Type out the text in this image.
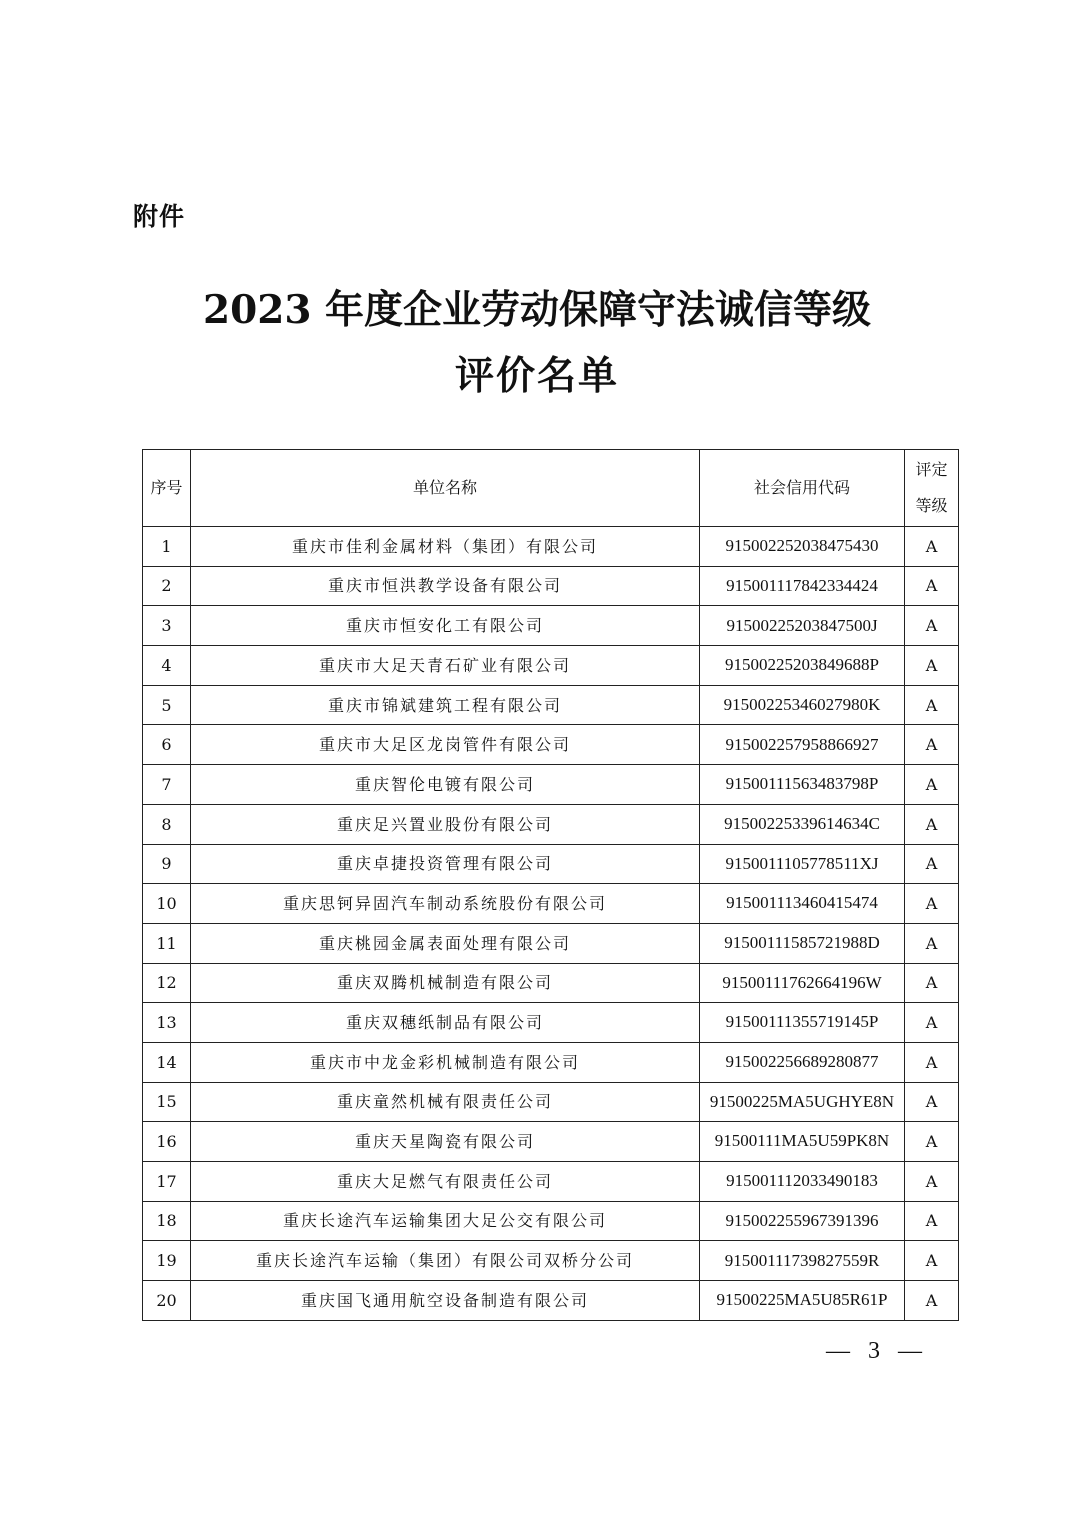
附件
2023 年度企业劳动保障守法诚信等级
评价名单
序号	单位名称	社会信用代码	评定
等级

1	重庆市佳利金属材料（集团）有限公司	915002252038475430	A
2	重庆市恒洪教学设备有限公司	915001117842334424	A
3	重庆市恒安化工有限公司	91500225203847500J	A
4	重庆市大足天青石矿业有限公司	91500225203849688P	A
5	重庆市锦斌建筑工程有限公司	91500225346027980K	A
6	重庆市大足区龙岗管件有限公司	915002257958866927	A
7	重庆智伦电镀有限公司	91500111563483798P	A
8	重庆足兴置业股份有限公司	91500225339614634C	A
9	重庆卓捷投资管理有限公司	9150011105778511XJ	A
10	重庆思钶异固汽车制动系统股份有限公司	915001113460415474	A
11	重庆桃园金属表面处理有限公司	91500111585721988D	A
12	重庆双腾机械制造有限公司	91500111762664196W	A
13	重庆双穗纸制品有限公司	91500111355719145P	A
14	重庆市中龙金彩机械制造有限公司	915002256689280877	A
15	重庆童然机械有限责任公司	91500225MA5UGHYE8N	A
16	重庆天星陶瓷有限公司	91500111MA5U59PK8N	A
17	重庆大足燃气有限责任公司	915001112033490183	A
18	重庆长途汽车运输集团大足公交有限公司	915002255967391396	A
19	重庆长途汽车运输（集团）有限公司双桥分公司	91500111739827559R	A
20	重庆国飞通用航空设备制造有限公司	91500225MA5U85R61P	A
— 3 —
